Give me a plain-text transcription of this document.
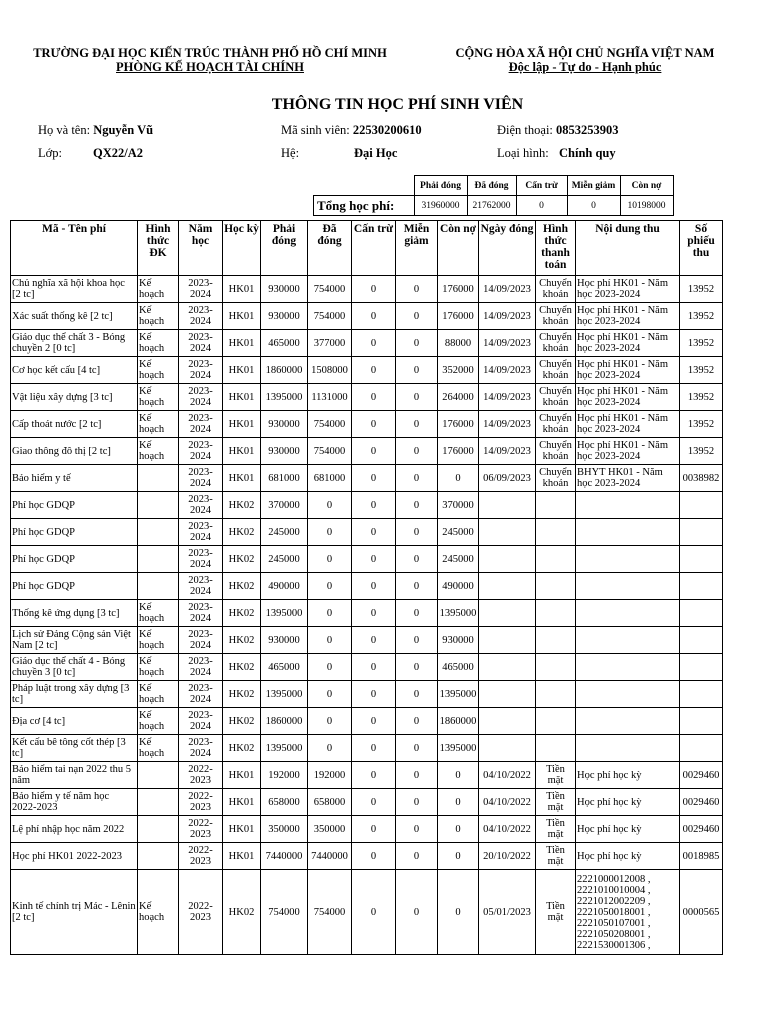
TRƯỜNG ĐẠI HỌC KIẾN TRÚC THÀNH PHỐ HỒ CHÍ MINH
PHÒNG KẾ HOẠCH TÀI CHÍNH
CỘNG HÒA XÃ HỘI CHỦ NGHĨA VIỆT NAM
Độc lập - Tự do - Hạnh phúc
THÔNG TIN HỌC PHÍ SINH VIÊN
Họ và tên: Nguyễn Vũ	Mã sinh viên: 22530200610	Điện thoại: 0853253903
Lớp: QX22/A2	Hệ:	Đại Học	Loại hình: Chính quy
	Phải đóng	Đã đóng	Cấn trừ	Miễn giảm	Còn nợ
Tổng học phí:	31960000	21762000	0	0	10198000
Mã - Tên phí	Hình thức ĐK	Năm học	Học kỳ	Phải đóng	Đã đóng	Cấn trừ	Miễn giảm	Còn nợ	Ngày đóng	Hình thức thanh toán	Nội dung thu	Số phiếu thu
Chủ nghĩa xã hội khoa học [2 tc]	Kế hoạch	2023-2024	HK01	930000	754000	0	0	176000	14/09/2023	Chuyển khoản	Học phí HK01 - Năm học 2023-2024	13952
Xác suất thống kê [2 tc]	Kế hoạch	2023-2024	HK01	930000	754000	0	0	176000	14/09/2023	Chuyển khoản	Học phí HK01 - Năm học 2023-2024	13952
Giáo dục thể chất 3 - Bóng chuyền 2 [0 tc]	Kế hoạch	2023-2024	HK01	465000	377000	0	0	88000	14/09/2023	Chuyển khoản	Học phí HK01 - Năm học 2023-2024	13952
Cơ học kết cấu [4 tc]	Kế hoạch	2023-2024	HK01	1860000	1508000	0	0	352000	14/09/2023	Chuyển khoản	Học phí HK01 - Năm học 2023-2024	13952
Vật liệu xây dựng [3 tc]	Kế hoạch	2023-2024	HK01	1395000	1131000	0	0	264000	14/09/2023	Chuyển khoản	Học phí HK01 - Năm học 2023-2024	13952
Cấp thoát nước [2 tc]	Kế hoạch	2023-2024	HK01	930000	754000	0	0	176000	14/09/2023	Chuyển khoản	Học phí HK01 - Năm học 2023-2024	13952
Giao thông đô thị [2 tc]	Kế hoạch	2023-2024	HK01	930000	754000	0	0	176000	14/09/2023	Chuyển khoản	Học phí HK01 - Năm học 2023-2024	13952
Bảo hiểm y tế		2023-2024	HK01	681000	681000	0	0	0	06/09/2023	Chuyển khoản	BHYT HK01 - Năm học 2023-2024	0038982
Phí học GDQP		2023-2024	HK02	370000	0	0	0	370000				
Phí học GDQP		2023-2024	HK02	245000	0	0	0	245000				
Phí học GDQP		2023-2024	HK02	245000	0	0	0	245000				
Phí học GDQP		2023-2024	HK02	490000	0	0	0	490000				
Thống kê ứng dụng [3 tc]	Kế hoạch	2023-2024	HK02	1395000	0	0	0	1395000				
Lịch sử Đảng Cộng sản Việt Nam [2 tc]	Kế hoạch	2023-2024	HK02	930000	0	0	0	930000				
Giáo dục thể chất 4 - Bóng chuyền 3 [0 tc]	Kế hoạch	2023-2024	HK02	465000	0	0	0	465000				
Pháp luật trong xây dựng [3 tc]	Kế hoạch	2023-2024	HK02	1395000	0	0	0	1395000				
Địa cơ [4 tc]	Kế hoạch	2023-2024	HK02	1860000	0	0	0	1860000				
Kết cấu bê tông cốt thép [3 tc]	Kế hoạch	2023-2024	HK02	1395000	0	0	0	1395000				
Bảo hiểm tai nạn 2022 thu 5 năm		2022-2023	HK01	192000	192000	0	0	0	04/10/2022	Tiền mặt	Học phí học kỳ	0029460
Bảo hiểm y tế năm học 2022-2023		2022-2023	HK01	658000	658000	0	0	0	04/10/2022	Tiền mặt	Học phí học kỳ	0029460
Lệ phí nhập học năm 2022		2022-2023	HK01	350000	350000	0	0	0	04/10/2022	Tiền mặt	Học phí học kỳ	0029460
Học phí HK01 2022-2023		2022-2023	HK01	7440000	7440000	0	0	0	20/10/2022	Tiền mặt	Học phí học kỳ	0018985
Kinh tế chính trị Mác - Lênin [2 tc]	Kế hoạch	2022-2023	HK02	754000	754000	0	0	0	05/01/2023	Tiền mặt	2221000012008 , 2221010010004 , 2221012002209 , 2221050018001 , 2221050107001 , 2221050208001 , 2221530001306 ,	0000565
